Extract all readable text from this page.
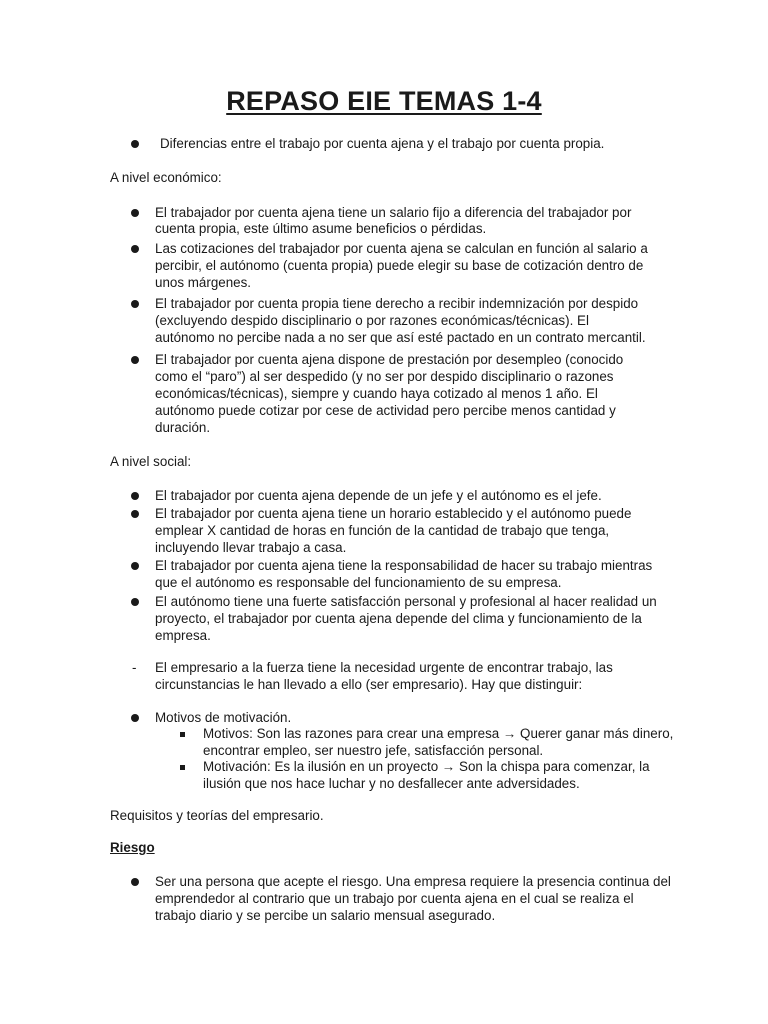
REPASO EIE TEMAS 1-4
Diferencias entre el trabajo por cuenta ajena y el trabajo por cuenta propia.
A nivel económico:
El trabajador por cuenta ajena tiene un salario fijo a diferencia del trabajador por
cuenta propia, este último asume beneficios o pérdidas.
Las cotizaciones del trabajador por cuenta ajena se calculan en función al salario a
percibir, el autónomo (cuenta propia) puede elegir su base de cotización dentro de
unos márgenes.
El trabajador por cuenta propia tiene derecho a recibir indemnización por despido
(excluyendo despido disciplinario o por razones económicas/técnicas). El
autónomo no percibe nada a no ser que así esté pactado en un contrato mercantil.
El trabajador por cuenta ajena dispone de prestación por desempleo (conocido
como el “paro”) al ser despedido (y no ser por despido disciplinario o razones
económicas/técnicas), siempre y cuando haya cotizado al menos 1 año. El
autónomo puede cotizar por cese de actividad pero percibe menos cantidad y
duración.
A nivel social:
El trabajador por cuenta ajena depende de un jefe y el autónomo es el jefe.
El trabajador por cuenta ajena tiene un horario establecido y el autónomo puede
emplear X cantidad de horas en función de la cantidad de trabajo que tenga,
incluyendo llevar trabajo a casa.
El trabajador por cuenta ajena tiene la responsabilidad de hacer su trabajo mientras
que el autónomo es responsable del funcionamiento de su empresa.
El autónomo tiene una fuerte satisfacción personal y profesional al hacer realidad un
proyecto, el trabajador por cuenta ajena depende del clima y funcionamiento de la
empresa.
- El empresario a la fuerza tiene la necesidad urgente de encontrar trabajo, las
circunstancias le han llevado a ello (ser empresario). Hay que distinguir:
Motivos de motivación.
Motivos: Son las razones para crear una empresa → Querer ganar más dinero,
encontrar empleo, ser nuestro jefe, satisfacción personal.
Motivación: Es la ilusión en un proyecto → Son la chispa para comenzar, la
ilusión que nos hace luchar y no desfallecer ante adversidades.
Requisitos y teorías del empresario.
Riesgo
Ser una persona que acepte el riesgo. Una empresa requiere la presencia continua del
emprendedor al contrario que un trabajo por cuenta ajena en el cual se realiza el
trabajo diario y se percibe un salario mensual asegurado.
